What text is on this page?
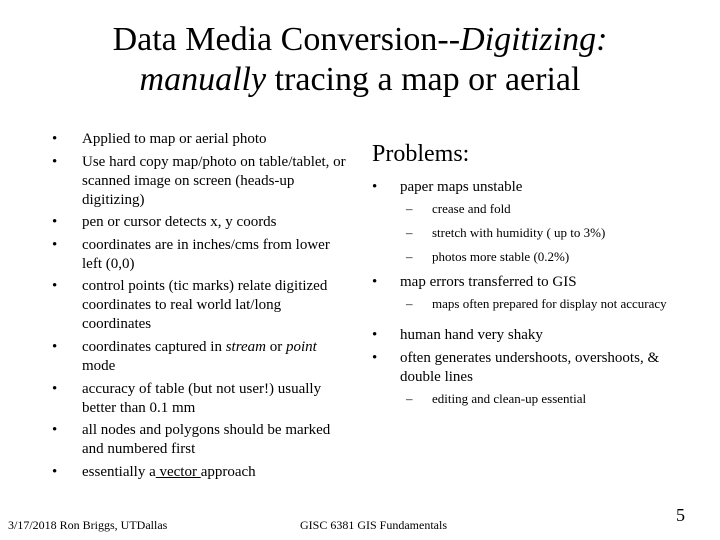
Data Media Conversion--Digitizing:
manually tracing a map or aerial
• Applied to map or aerial photo
• Use hard copy map/photo on table/tablet, or scanned image on screen (heads-up digitizing)
• pen or cursor detects x, y coords
• coordinates are in inches/cms from lower left (0,0)
• control points (tic marks) relate digitized coordinates to real world lat/long coordinates
• coordinates captured in stream or point mode
• accuracy of table (but not user!) usually better than 0.1 mm
• all nodes and polygons should be marked and numbered first
• essentially a vector approach
Problems:
• paper maps unstable
– crease and fold
– stretch with humidity ( up to 3%)
– photos more stable (0.2%)
• map errors transferred to GIS
– maps often prepared for display not accuracy
• human hand very shaky
• often generates undershoots, overshoots, & double lines
– editing and clean-up essential
3/17/2018 Ron Briggs, UTDallas	GISC 6381 GIS Fundamentals	5
